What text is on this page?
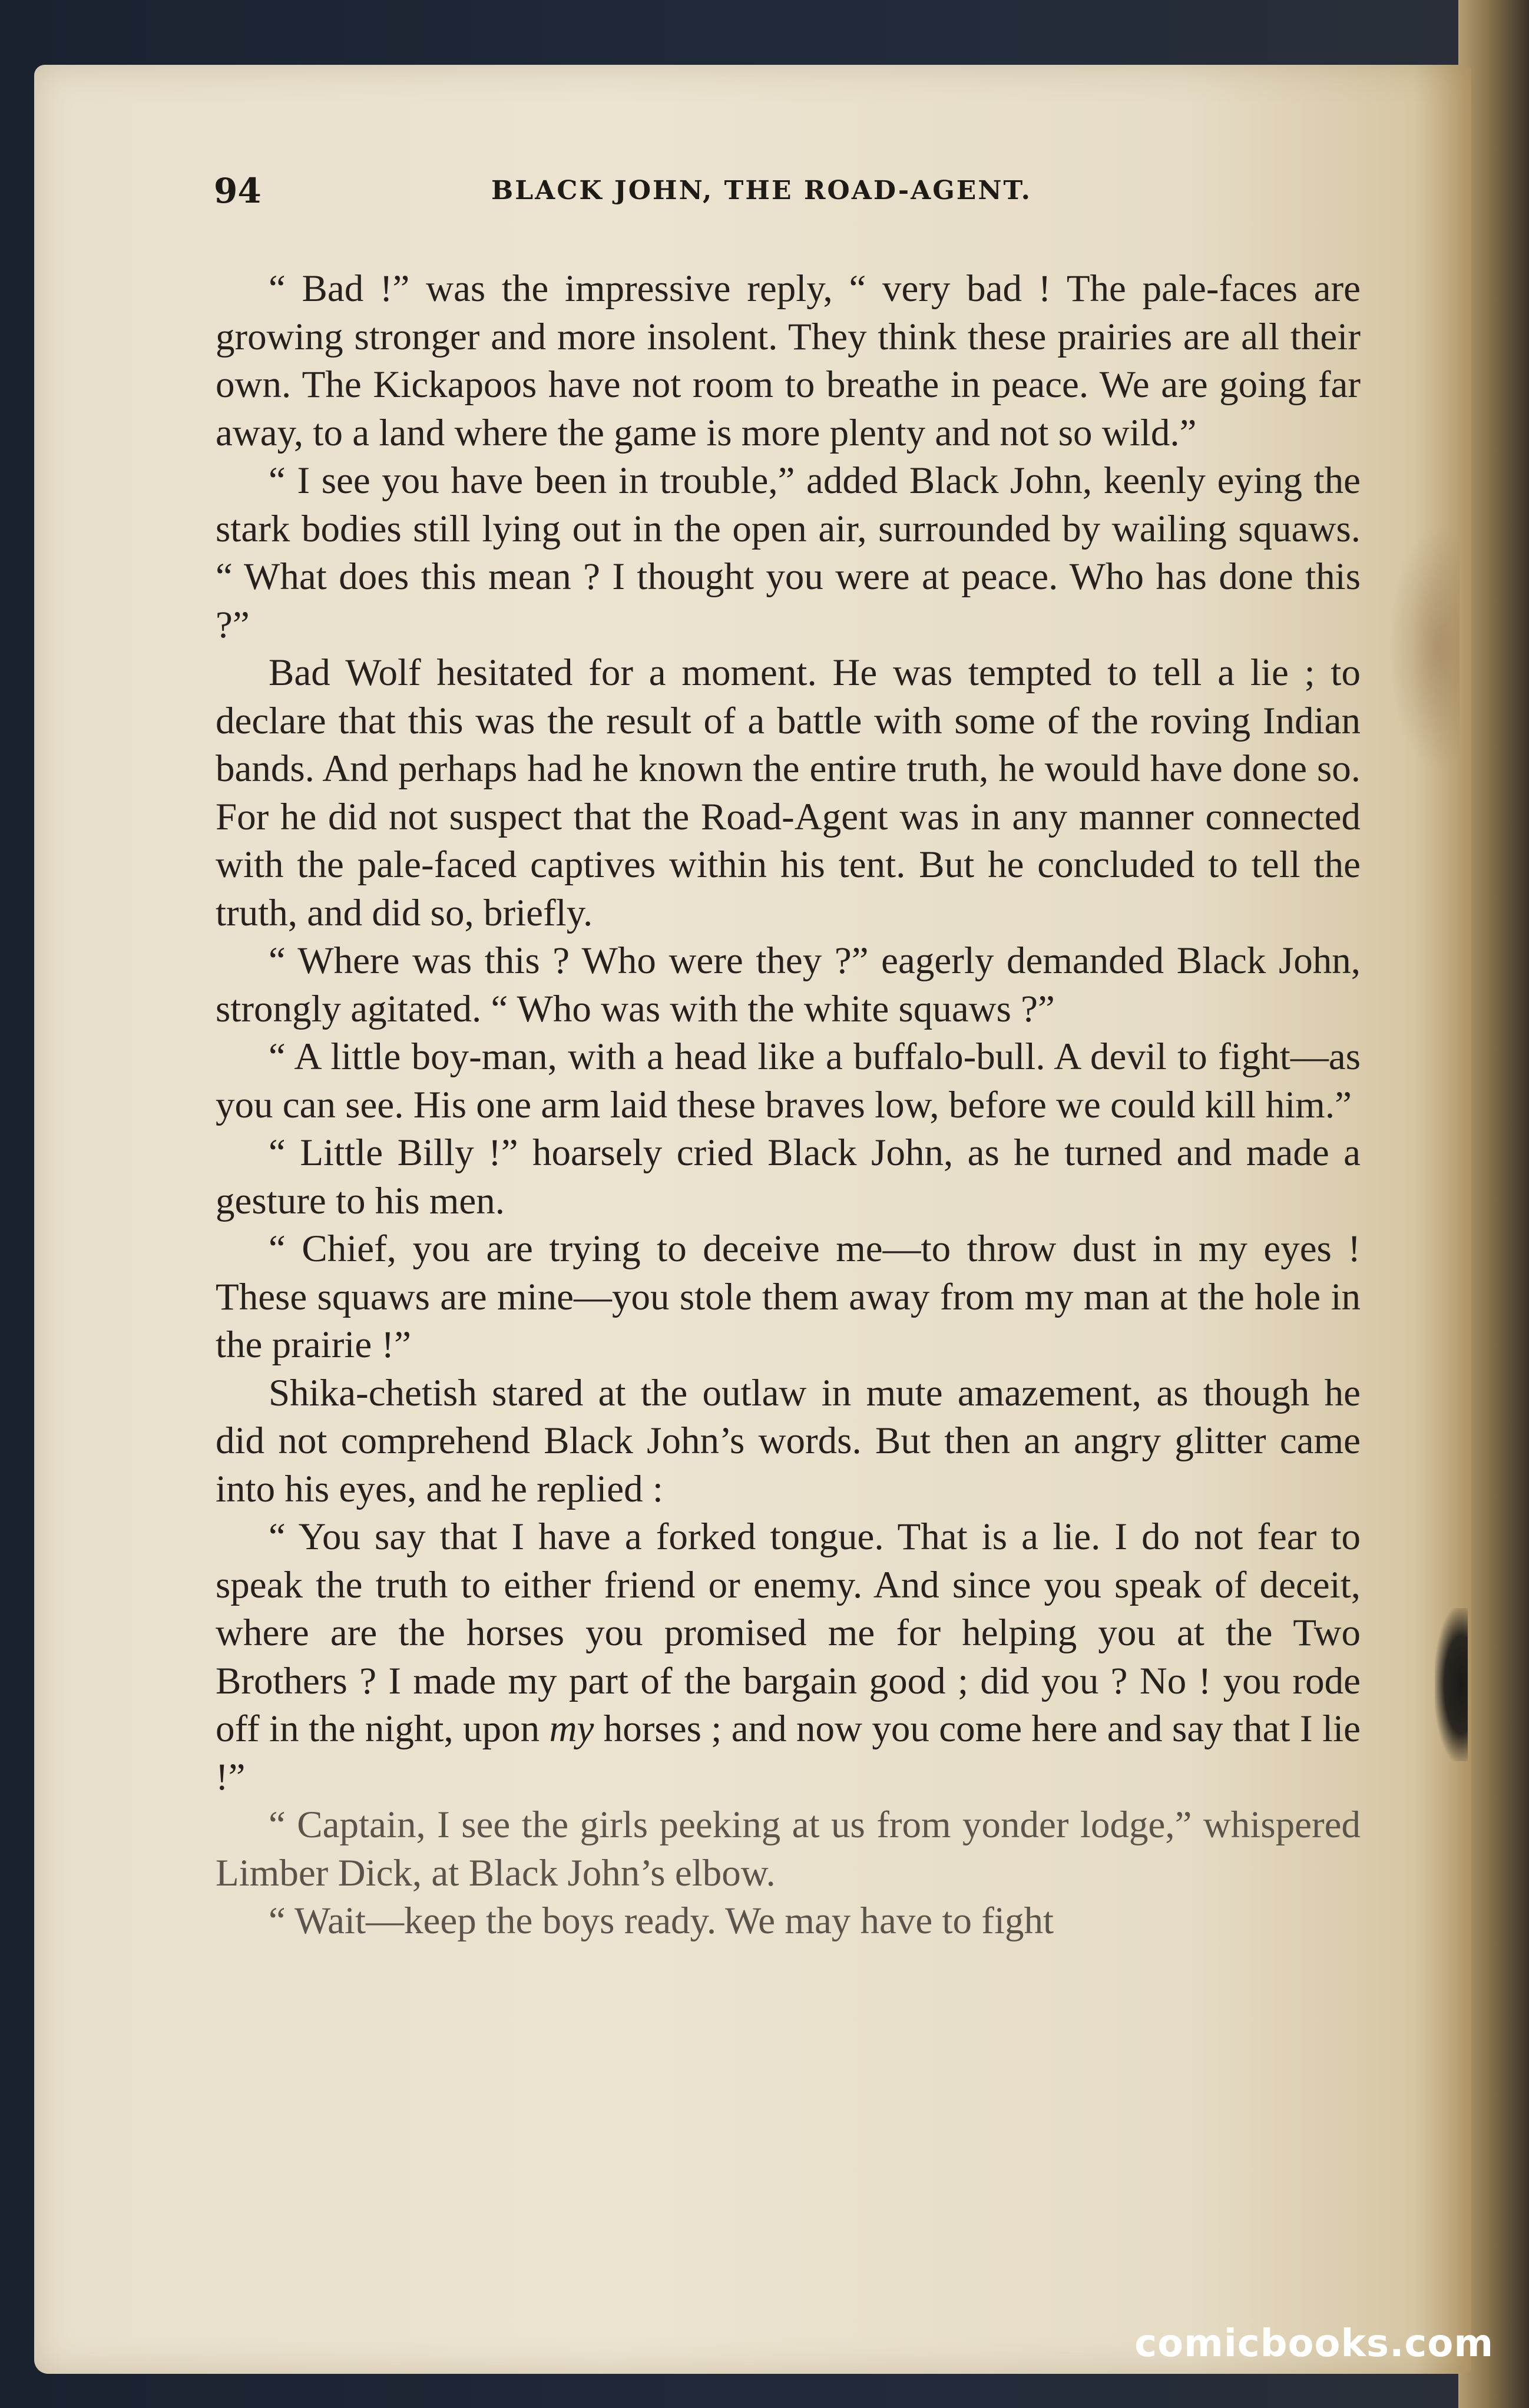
BLACK JOHN, THE ROAD-AGENT.
94

“ Bad !” was the impressive reply, “ very bad ! The pale-faces are growing stronger and more insolent. They think these prairies are all their own. The Kickapoos have not room to breathe in peace. We are going far away, to a land where the game is more plenty and not so wild.”

“ I see you have been in trouble,” added Black John, keenly eying the stark bodies still lying out in the open air, surrounded by wailing squaws. “ What does this mean ? I thought you were at peace. Who has done this ?”

Bad Wolf hesitated for a moment. He was tempted to tell a lie ; to declare that this was the result of a battle with some of the roving Indian bands. And perhaps had he known the entire truth, he would have done so. For he did not suspect that the Road-Agent was in any manner connected with the pale-faced captives within his tent. But he concluded to tell the truth, and did so, briefly.

“ Where was this ? Who were they ?” eagerly demanded Black John, strongly agitated. “ Who was with the white squaws ?”

“ A little boy-man, with a head like a buffalo-bull. A devil to fight—as you can see. His one arm laid these braves low, before we could kill him.”

“ Little Billy !” hoarsely cried Black John, as he turned and made a gesture to his men.

“ Chief, you are trying to deceive me—to throw dust in my eyes ! These squaws are mine—you stole them away from my man at the hole in the prairie !”

Shika-chetish stared at the outlaw in mute amazement, as though he did not comprehend Black John’s words. But then an angry glitter came into his eyes, and he replied :

“ You say that I have a forked tongue. That is a lie. I do not fear to speak the truth to either friend or enemy. And since you speak of deceit, where are the horses you promised me for helping you at the Two Brothers ? I made my part of the bargain good ; did you ? No ! you rode off in the night, upon my horses ; and now you come here and say that I lie !”

“ Captain, I see the girls peeking at us from yonder lodge,” whispered Limber Dick, at Black John’s elbow.

“ Wait—keep the boys ready. We may have to fight

comicbooks.com
